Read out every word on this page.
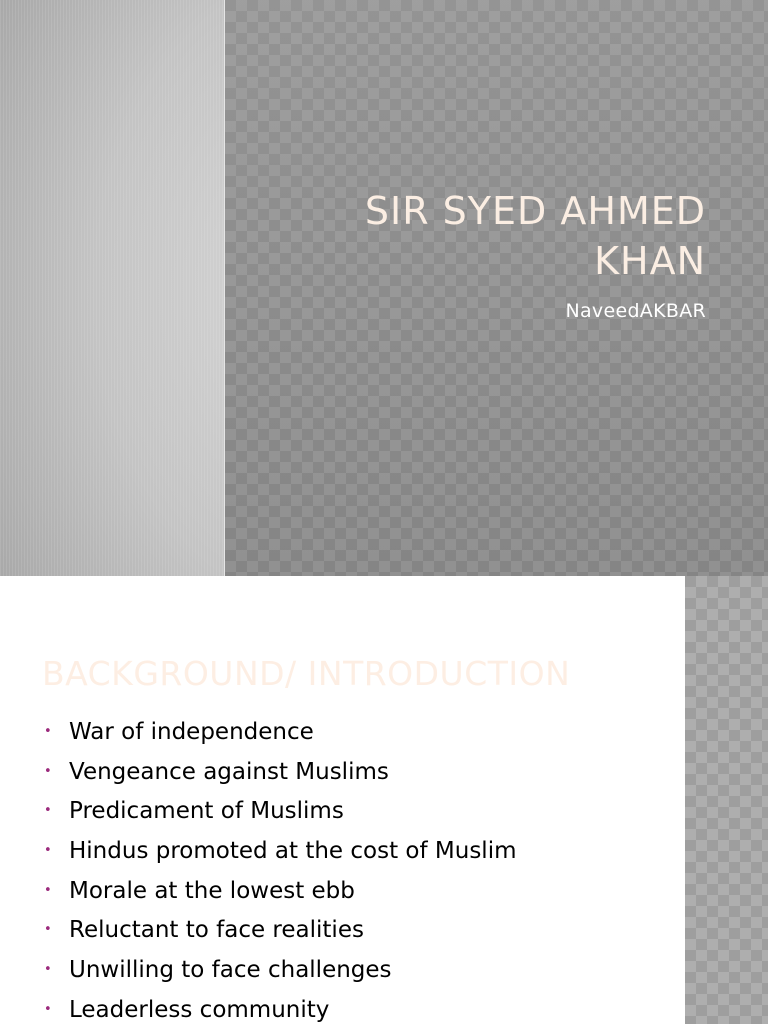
SIR SYED AHMED
KHAN

NaveedAKBAR

BACKGROUND/ INTRODUCTION
• War of independence
• Vengeance against Muslims
• Predicament of Muslims
• Hindus promoted at the cost of Muslim
• Morale at the lowest ebb
• Reluctant to face realities
• Unwilling to face challenges
• Leaderless community
